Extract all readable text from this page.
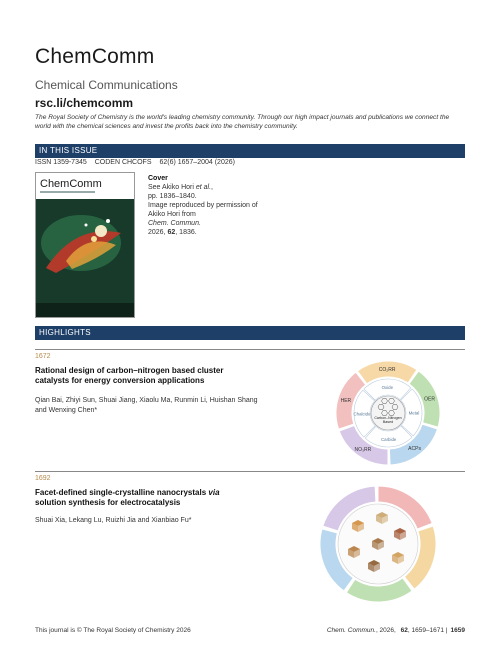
ChemComm
Chemical Communications
rsc.li/chemcomm
The Royal Society of Chemistry is the world's leading chemistry community. Through our high impact journals and publications we connect the world with the chemical sciences and invest the profits back into the chemistry community.
IN THIS ISSUE
ISSN 1359-7345 CODEN CHCOFS 62(6) 1657–2004 (2026)
ChemComm	Cover
See Akiko Hori et al.,
pp. 1836–1840.
Image reproduced by permission of Akiko Hori from
Chem. Commun.
2026, 62, 1836.
HIGHLIGHTS
1672
Rational design of carbon–nitrogen based cluster catalysts for energy conversion applications
Qian Bai, Zhiyi Sun, Shuai Jiang, Xiaolu Ma, Runmin Li, Huishan Shang and Wenxing Chen*
CO₂RR
OER
ACPs
NO₃RR
HER
Oxide
Metal
Carbide
Chalcide
Carbon–Nitrogen
Based
1692
Facet-defined single-crystalline nanocrystals via solution synthesis for electrocatalysis
Shuai Xia, Lekang Lu, Ruizhi Jia and Xianbiao Fu*
This journal is © The Royal Society of Chemistry 2026	Chem. Commun., 2026, 62, 1659–1671 | 1659
